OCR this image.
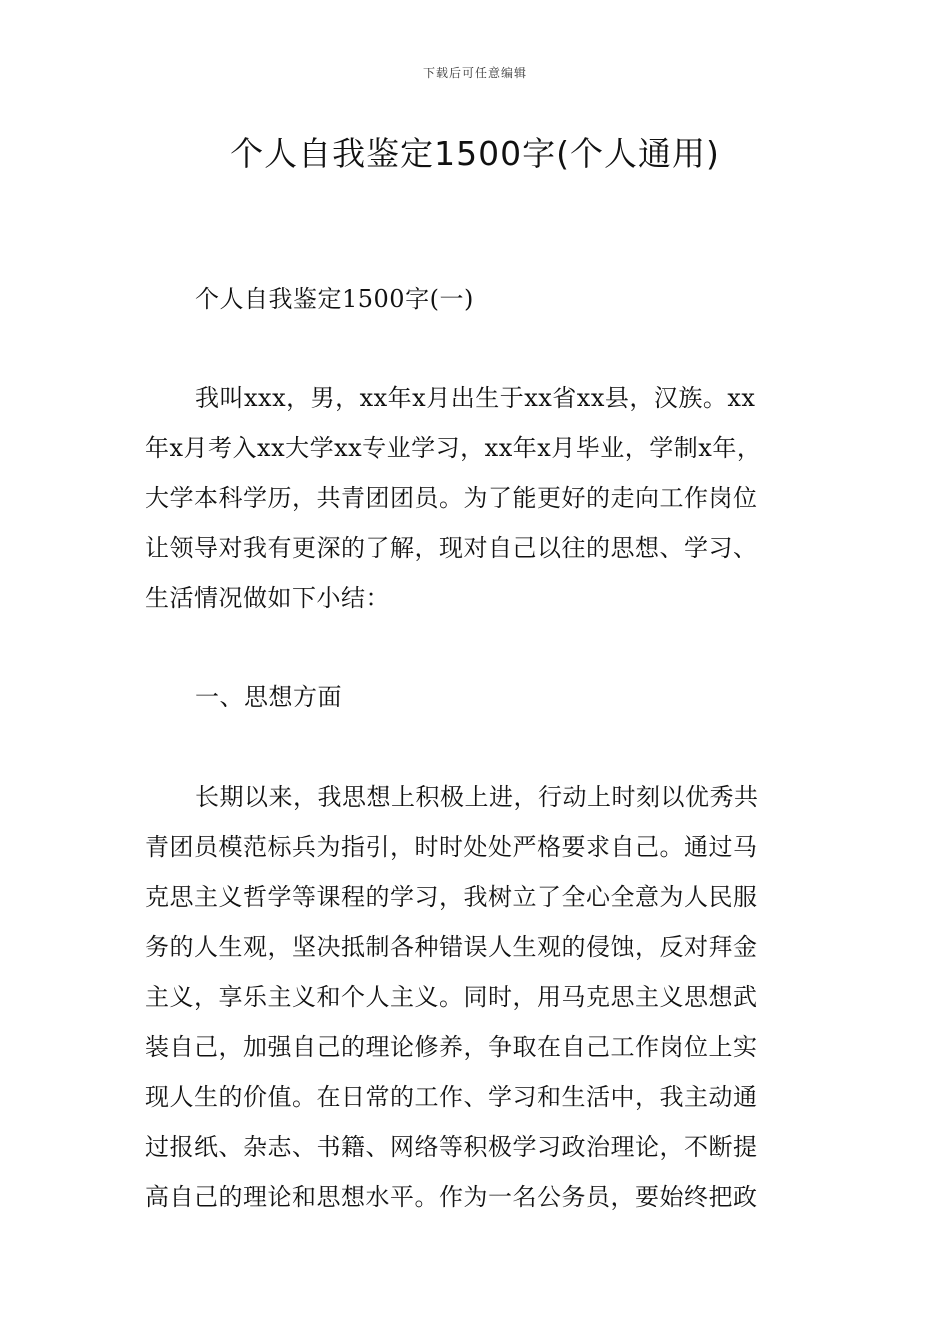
下载后可任意编辑
个人自我鉴定1500字(个人通用)
个人自我鉴定1500字(一)
我叫xxx，男，xx年x月出生于xx省xx县，汉族。xx
年x月考入xx大学xx专业学习，xx年x月毕业，学制x年，
大学本科学历，共青团团员。为了能更好的走向工作岗位
让领导对我有更深的了解，现对自己以往的思想、学习、
生活情况做如下小结：
一、思想方面
长期以来，我思想上积极上进，行动上时刻以优秀共
青团员模范标兵为指引，时时处处严格要求自己。通过马
克思主义哲学等课程的学习，我树立了全心全意为人民服
务的人生观，坚决抵制各种错误人生观的侵蚀，反对拜金
主义，享乐主义和个人主义。同时，用马克思主义思想武
装自己，加强自己的理论修养，争取在自己工作岗位上实
现人生的价值。在日常的工作、学习和生活中，我主动通
过报纸、杂志、书籍、网络等积极学习政治理论，不断提
高自己的理论和思想水平。作为一名公务员，要始终把政
